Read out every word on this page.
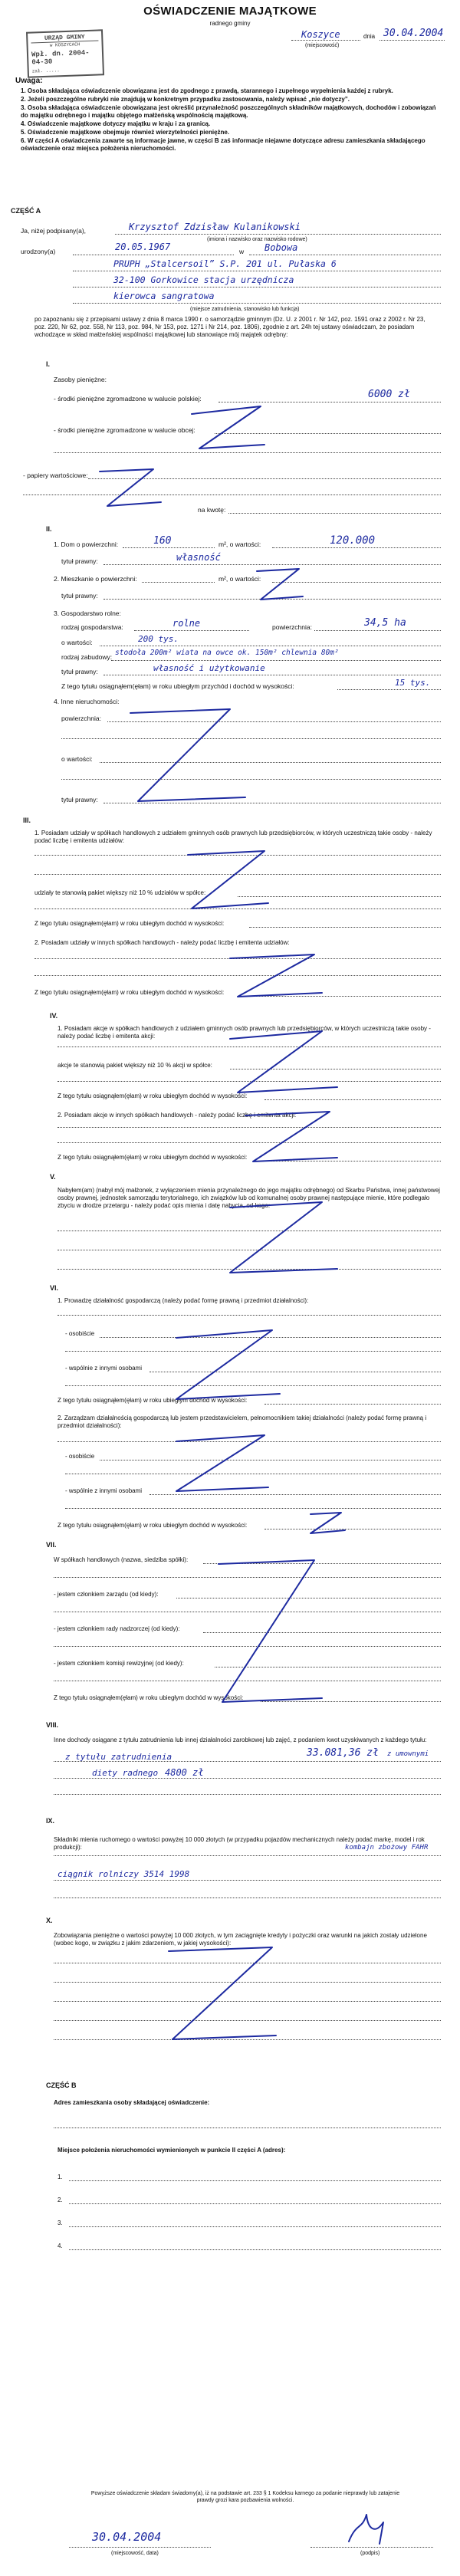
OŚWIADCZENIE MAJĄTKOWE
radnego gminy
Koszyce	dnia 30.04.2004
(miejscowość)
URZĄD GMINY
w KOSZYCACH
Wpł. dn. 2004-04-30
zał. .....
Uwaga:
1. Osoba składająca oświadczenie obowiązana jest do zgodnego z prawdą, starannego i zupełnego wypełnienia każdej z rubryk.
2. Jeżeli poszczególne rubryki nie znajdują w konkretnym przypadku zastosowania, należy wpisać „nie dotyczy”.
3. Osoba składająca oświadczenie obowiązana jest określić przynależność poszczególnych składników majątkowych, dochodów i zobowiązań do majątku odrębnego i majątku objętego małżeńską wspólnością majątkową.
4. Oświadczenie majątkowe dotyczy majątku w kraju i za granicą.
5. Oświadczenie majątkowe obejmuje również wierzytelności pieniężne.
6. W części A oświadczenia zawarte są informacje jawne, w części B zaś informacje niejawne dotyczące adresu zamieszkania składającego oświadczenie oraz miejsca położenia nieruchomości.
CZĘŚĆ A
Ja, niżej podpisany(a),	Krzysztof Zdzisław Kulanikowski
(imiona i nazwisko oraz nazwisko rodowe)
urodzony(a)	20.05.1967	w Bobowa
PRUPH „Stalcersoil” S.P. 201 ul. Pułaska 6
32-100 Gorkowice stacja urzędnicza
kierowca sangratowa
(miejsce zatrudnienia, stanowisko lub funkcja)
po zapoznaniu się z przepisami ustawy z dnia 8 marca 1990 r. o samorządzie gminnym (Dz. U. z 2001 r. Nr 142, poz. 1591 oraz z 2002 r. Nr 23, poz. 220, Nr 62, poz. 558, Nr 113, poz. 984, Nr 153, poz. 1271 i Nr 214, poz. 1806), zgodnie z art. 24h tej ustawy oświadczam, że posiadam wchodzące w skład małżeńskiej wspólności majątkowej lub stanowiące mój majątek odrębny:
I.
Zasoby pieniężne:
- środki pieniężne zgromadzone w walucie polskiej:	6000 zł
- środki pieniężne zgromadzone w walucie obcej:
- papiery wartościowe:
na kwotę:
II.
1. Dom o powierzchni:	160	m², o wartości:	120.000
tytuł prawny:	własność
2. Mieszkanie o powierzchni:	m², o wartości:
tytuł prawny:
3. Gospodarstwo rolne:
rodzaj gospodarstwa:	rolne	powierzchnia:	34,5 ha
o wartości:	200 tys.
rodzaj zabudowy: stodoła 200m² wiata na owce ok. 150m² chlewnia 80m²
tytuł prawny:	własność i użytkowanie
Z tego tytułu osiągnąłem(ęłam) w roku ubiegłym przychód i dochód w wysokości:	15 tys.
4. Inne nieruchomości:
powierzchnia:
o wartości:
tytuł prawny:
III.
1. Posiadam udziały w spółkach handlowych z udziałem gminnych osób prawnych lub przedsiębiorców, w których uczestniczą takie osoby - należy podać liczbę i emitenta udziałów:
udziały te stanowią pakiet większy niż 10 % udziałów w spółce:
Z tego tytułu osiągnąłem(ęłam) w roku ubiegłym dochód w wysokości:
2. Posiadam udziały w innych spółkach handlowych - należy podać liczbę i emitenta udziałów:
Z tego tytułu osiągnąłem(ęłam) w roku ubiegłym dochód w wysokości:
IV.
1. Posiadam akcje w spółkach handlowych z udziałem gminnych osób prawnych lub przedsiębiorców, w których uczestniczą takie osoby - należy podać liczbę i emitenta akcji:
akcje te stanowią pakiet większy niż 10 % akcji w spółce:
Z tego tytułu osiągnąłem(ęłam) w roku ubiegłym dochód w wysokości:
2. Posiadam akcje w innych spółkach handlowych - należy podać liczbę i emitenta akcji:
Z tego tytułu osiągnąłem(ęłam) w roku ubiegłym dochód w wysokości:
V.
Nabyłem(am) (nabył mój małżonek, z wyłączeniem mienia przynależnego do jego majątku odrębnego) od Skarbu Państwa, innej państwowej osoby prawnej, jednostek samorządu terytorialnego, ich związków lub od komunalnej osoby prawnej następujące mienie, które podlegało zbyciu w drodze przetargu - należy podać opis mienia i datę nabycia, od kogo:
VI.
1. Prowadzę działalność gospodarczą (należy podać formę prawną i przedmiot działalności):
- osobiście
- wspólnie z innymi osobami
Z tego tytułu osiągnąłem(ęłam) w roku ubiegłym dochód w wysokości:
2. Zarządzam działalnością gospodarczą lub jestem przedstawicielem, pełnomocnikiem takiej działalności (należy podać formę prawną i przedmiot działalności):
- osobiście
- wspólnie z innymi osobami
Z tego tytułu osiągnąłem(ęłam) w roku ubiegłym dochód w wysokości:
VII.
W spółkach handlowych (nazwa, siedziba spółki):
- jestem członkiem zarządu (od kiedy):
- jestem członkiem rady nadzorczej (od kiedy):
- jestem członkiem komisji rewizyjnej (od kiedy):
Z tego tytułu osiągnąłem(ęłam) w roku ubiegłym dochód w wysokości:
VIII.
Inne dochody osiągane z tytułu zatrudnienia lub innej działalności zarobkowej lub zajęć, z podaniem kwot uzyskiwanych z każdego tytułu:
z tytułu zatrudnienia	33.081,36 zł z umownymi
diety radnego 4800 zł
IX.
Składniki mienia ruchomego o wartości powyżej 10 000 złotych (w przypadku pojazdów mechanicznych należy podać markę, model i rok produkcji):	kombajn zbożowy FAHR
ciągnik rolniczy 3514 1998
X.
Zobowiązania pieniężne o wartości powyżej 10 000 złotych, w tym zaciągnięte kredyty i pożyczki oraz warunki na jakich zostały udzielone (wobec kogo, w związku z jakim zdarzeniem, w jakiej wysokości):
CZĘŚĆ B
Adres zamieszkania osoby składającej oświadczenie:
Miejsce położenia nieruchomości wymienionych w punkcie II części A (adres):
1.
2.
3.
4.
Powyższe oświadczenie składam świadomy(a), iż na podstawie art. 233 § 1 Kodeksu karnego za podanie nieprawdy lub zatajenie prawdy grozi kara pozbawienia wolności.
30.04.2004
(miejscowość, data)	(podpis)
